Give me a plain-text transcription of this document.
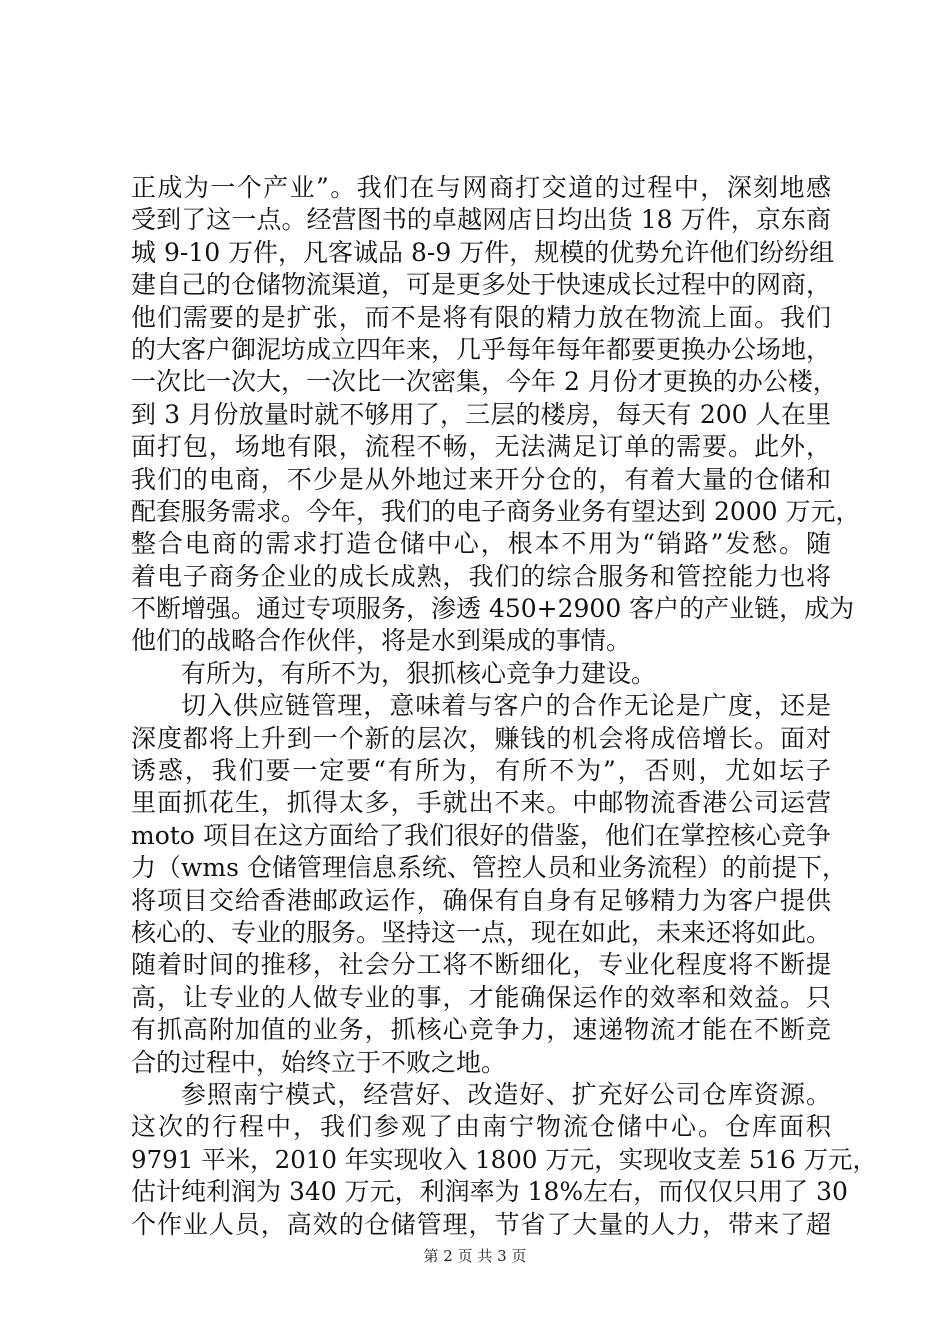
正成为一个产业”。我们在与网商打交道的过程中，深刻地感
受到了这一点。经营图书的卓越网店日均出货 18 万件，京东商
城 9-10 万件，凡客诚品 8-9 万件，规模的优势允许他们纷纷组
建自己的仓储物流渠道，可是更多处于快速成长过程中的网商，
他们需要的是扩张，而不是将有限的精力放在物流上面。我们
的大客户御泥坊成立四年来，几乎每年每年都要更换办公场地，
一次比一次大，一次比一次密集，今年 2 月份才更换的办公楼，
到 3 月份放量时就不够用了，三层的楼房，每天有 200 人在里
面打包，场地有限，流程不畅，无法满足订单的需要。此外，
我们的电商，不少是从外地过来开分仓的，有着大量的仓储和
配套服务需求。今年，我们的电子商务业务有望达到 2000 万元，
整合电商的需求打造仓储中心，根本不用为“销路”发愁。随
着电子商务企业的成长成熟，我们的综合服务和管控能力也将
不断增强。通过专项服务，渗透 450+2900 客户的产业链，成为
他们的战略合作伙伴，将是水到渠成的事情。
有所为，有所不为，狠抓核心竞争力建设。
切入供应链管理，意味着与客户的合作无论是广度，还是
深度都将上升到一个新的层次，赚钱的机会将成倍增长。面对
诱惑，我们要一定要“有所为，有所不为”，否则，尤如坛子
里面抓花生，抓得太多，手就出不来。中邮物流香港公司运营
moto 项目在这方面给了我们很好的借鉴，他们在掌控核心竞争
力（wms 仓储管理信息系统、管控人员和业务流程）的前提下，
将项目交给香港邮政运作，确保有自身有足够精力为客户提供
核心的、专业的服务。坚持这一点，现在如此，未来还将如此。
随着时间的推移，社会分工将不断细化，专业化程度将不断提
高，让专业的人做专业的事，才能确保运作的效率和效益。只
有抓高附加值的业务，抓核心竞争力，速递物流才能在不断竞
合的过程中，始终立于不败之地。
参照南宁模式，经营好、改造好、扩充好公司仓库资源。
这次的行程中，我们参观了由南宁物流仓储中心。仓库面积
9791 平米，2010 年实现收入 1800 万元，实现收支差 516 万元，
估计纯利润为 340 万元，利润率为 18%左右，而仅仅只用了 30
个作业人员，高效的仓储管理，节省了大量的人力，带来了超
第 2 页 共 3 页
